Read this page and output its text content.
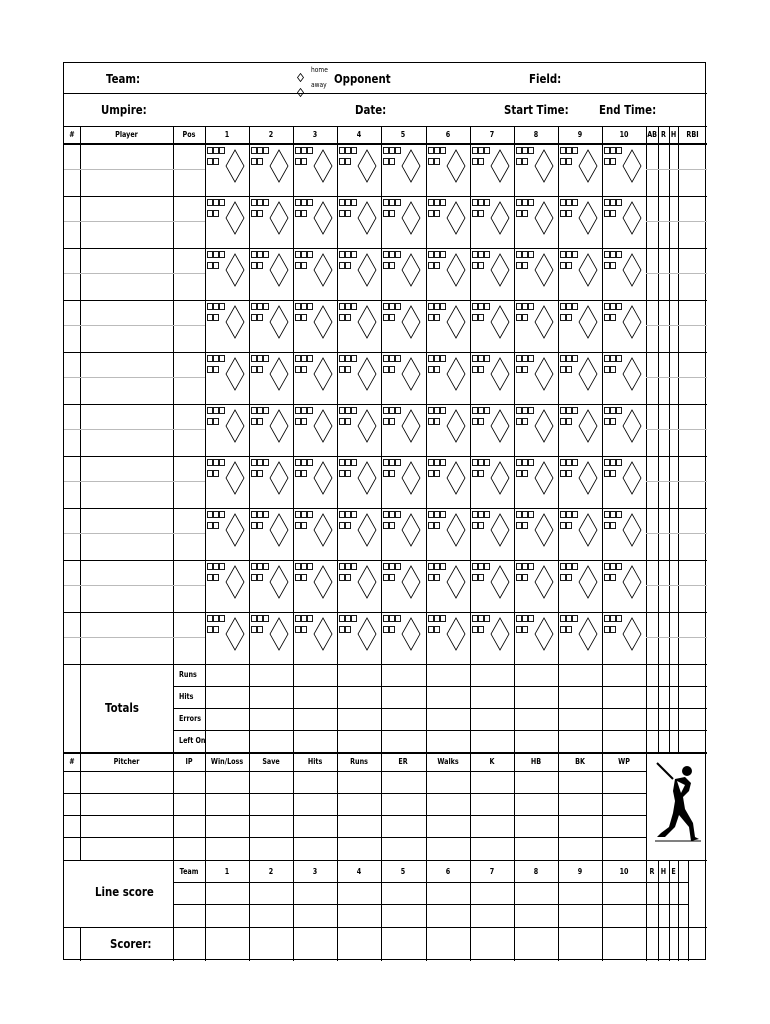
Team:
home
away Opponent	Field:
Umpire:	Date:	Start Time:	End Time:
Totals
Line score
Scorer:
#	Player	Pos	1	2	3	4	5	6	7	8	9	10	AB R H	RBI
Runs
Hits
Errors
Left On
#	Pitcher	IP	Win/Loss	Save	Hits	Runs	ER	Walks	K	HB	BK	WP
Team	1	2	3	4	5	6	7	8	9	10	R H E
